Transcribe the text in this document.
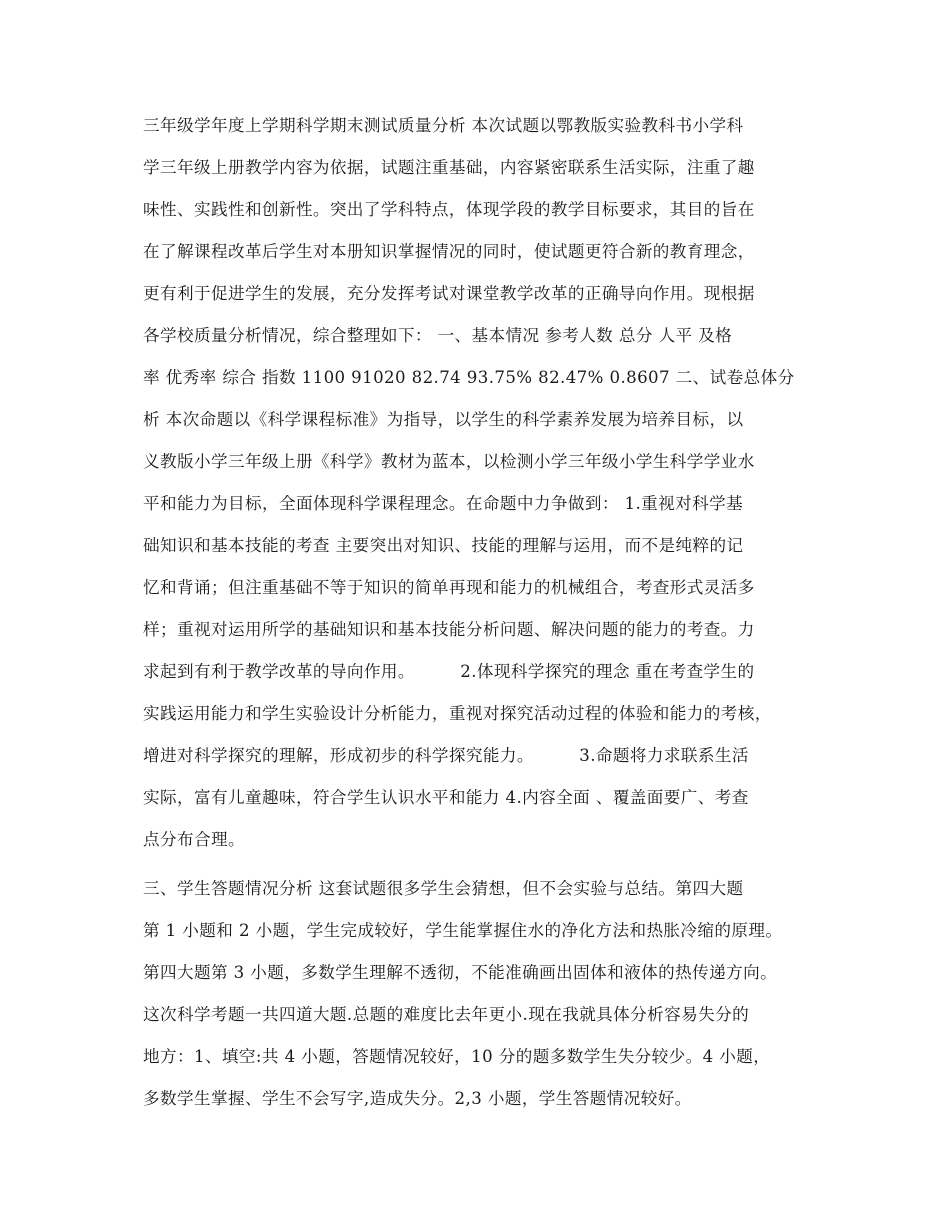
三年级学年度上学期科学期末测试质量分析 本次试题以鄂教版实验教科书小学科
学三年级上册教学内容为依据，试题注重基础，内容紧密联系生活实际，注重了趣
味性、实践性和创新性。突出了学科特点，体现学段的教学目标要求，其目的旨在
在了解课程改革后学生对本册知识掌握情况的同时，使试题更符合新的教育理念，
更有利于促进学生的发展，充分发挥考试对课堂教学改革的正确导向作用。现根据
各学校质量分析情况，综合整理如下： 一、基本情况 参考人数 总分 人平 及格
率 优秀率 综合 指数 1100 91020 82.74 93.75% 82.47% 0.8607 二、试卷总体分
析 本次命题以《科学课程标准》为指导，以学生的科学素养发展为培养目标，以
义教版小学三年级上册《科学》教材为蓝本，以检测小学三年级小学生科学学业水
平和能力为目标，全面体现科学课程理念。在命题中力争做到： 1.重视对科学基
础知识和基本技能的考查 主要突出对知识、技能的理解与运用，而不是纯粹的记
忆和背诵；但注重基础不等于知识的简单再现和能力的机械组合，考查形式灵活多
样；重视对运用所学的基础知识和基本技能分析问题、解决问题的能力的考查。力
求起到有利于教学改革的导向作用。        2.体现科学探究的理念 重在考查学生的
实践运用能力和学生实验设计分析能力，重视对探究活动过程的体验和能力的考核，
增进对科学探究的理解，形成初步的科学探究能力。        3.命题将力求联系生活
实际，富有儿童趣味，符合学生认识水平和能力 4.内容全面 、覆盖面要广、考查
点分布合理。
三、学生答题情况分析 这套试题很多学生会猜想，但不会实验与总结。第四大题
第 1 小题和 2 小题，学生完成较好，学生能掌握住水的净化方法和热胀冷缩的原理。
第四大题第 3 小题，多数学生理解不透彻，不能准确画出固体和液体的热传递方向。
这次科学考题一共四道大题.总题的难度比去年更小.现在我就具体分析容易失分的
地方：1、填空:共 4 小题，答题情况较好，10 分的题多数学生失分较少。4 小题，
多数学生掌握、学生不会写字,造成失分。2,3 小题，学生答题情况较好。
